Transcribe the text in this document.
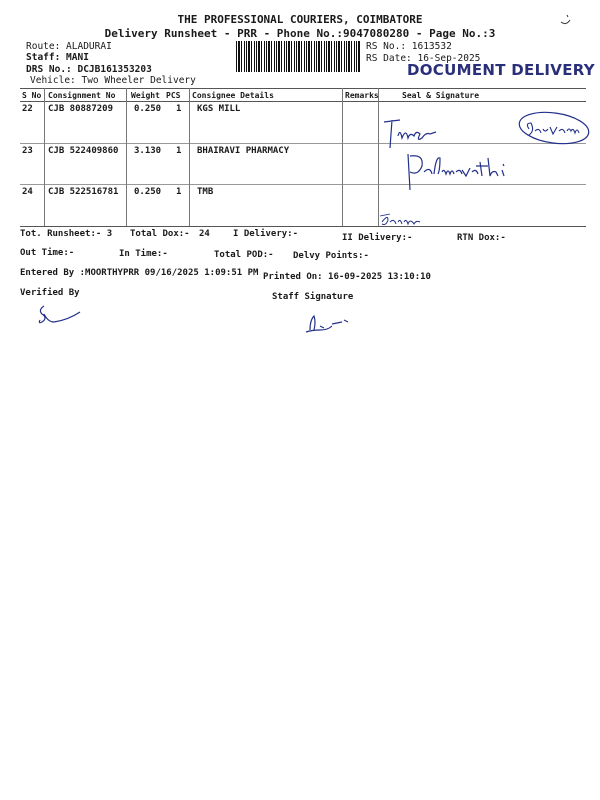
THE PROFESSIONAL COURIERS, COIMBATORE
Delivery Runsheet - PRR - Phone No.:9047080280 - Page No.:3
Route: ALADURAI
Staff: MANI
DRS No.: DCJB161353203
Vehicle: Two Wheeler Delivery
RS No.: 1613532
RS Date: 16-Sep-2025
DOCUMENT DELIVERY
S No Consignment No Weight PCS Consignee Details	Remarks	Seal & Signature
22 CJB 80887209 0.250 1 KGS MILL
23 CJB 522409860 3.130 1 BHAIRAVI PHARMACY
24 CJB 522516781 0.250 1 TMB
Tot. Runsheet:- 3 Total Dox:- 24	I Delivery:-	II Delivery:-	RTN Dox:-
Out Time:-	In Time:-	Total POD:- Delvy Points:-
Entered By :MOORTHYPRR 09/16/2025 1:09:51 PM Printed On: 16-09-2025 13:10:10
Verified By	Staff Signature
